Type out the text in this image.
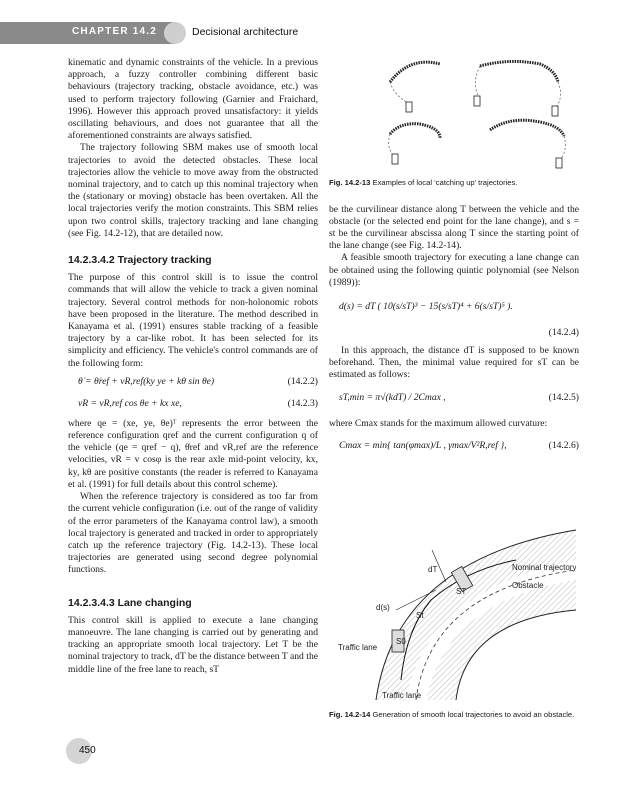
CHAPTER 14.2	Decisional architecture

kinematic and dynamic constraints of the vehicle. In a previous approach, a fuzzy controller combining different basic behaviours (trajectory tracking, obstacle avoidance, etc.) was used to perform trajectory following (Garnier and Fraichard, 1996). However this approach proved unsatisfactory: it yields oscillating behaviours, and does not guarantee that all the aforementioned constraints are always satisfied.

The trajectory following SBM makes use of smooth local trajectories to avoid the detected obstacles. These local trajectories allow the vehicle to move away from the obstructed nominal trajectory, and to catch up this nominal trajectory when the (stationary or moving) obstacle has been overtaken. All the local trajectories verify the motion constraints. This SBM relies upon two control skills, trajectory tracking and lane changing (see Fig. 14.2-12), that are detailed now.

14.2.3.4.2 Trajectory tracking

The purpose of this control skill is to issue the control commands that will allow the vehicle to track a given nominal trajectory. Several control methods for non-holonomic robots have been proposed in the literature. The method described in Kanayama et al. (1991) ensures stable tracking of a feasible trajectory by a car-like robot. It has been selected for its simplicity and efficiency. The vehicle's control commands are of the following form:

θ̇ = θ̇ref + vR,ref(ky ye + kθ sin θe)	(14.2.2)
vR = vR,ref cos θe + kx xe,	(14.2.3)

where qe = (xe, ye, θe)ᵀ represents the error between the reference configuration qref and the current configuration q of the vehicle (qe = qref − q), θ̇ref and vR,ref are the reference velocities, vR = v cosφ is the rear axle mid-point velocity, kx, ky, kθ are positive constants (the reader is referred to Kanayama et al. (1991) for full details about this control scheme).

When the reference trajectory is considered as too far from the current vehicle configuration (i.e. out of the range of validity of the error parameters of the Kanayama control law), a smooth local trajectory is generated and tracked in order to appropriately catch up the reference trajectory (Fig. 14.2-13). These local trajectories are generated using second degree polynomial functions.

14.2.3.4.3 Lane changing

This control skill is applied to execute a lane changing manoeuvre. The lane changing is carried out by generating and tracking an appropriate smooth local trajectory. Let T be the nominal trajectory to track, dT be the distance between T and the middle line of the free lane to reach, sT

Fig. 14.2-13 Examples of local ‘catching up’ trajectories.

be the curvilinear distance along T between the vehicle and the obstacle (or the selected end point for the lane change), and s = st be the curvilinear abscissa along T since the starting point of the lane change (see Fig. 14.2-14).

A feasible smooth trajectory for executing a lane change can be obtained using the following quintic polynomial (see Nelson (1989)):

d(s) = dT ( 10(s/sT)³ − 15(s/sT)⁴ + 6(s/sT)⁵ ).
(14.2.4)

In this approach, the distance dT is supposed to be known beforehand. Then, the minimal value required for sT can be estimated as follows:

sT,min = π√(kdT) / 2Cmax ,	(14.2.5)

where Cmax stands for the maximum allowed curvature:

Cmax = min{ tan(φmax)/L , γmax/V²R,ref },	(14.2.6)
Nominal trajectory
Obstacle
Traffic lane
Traffic lane
d(s)
dT
ST
St
S0

Fig. 14.2-14 Generation of smooth local trajectories to avoid an obstacle.

450
